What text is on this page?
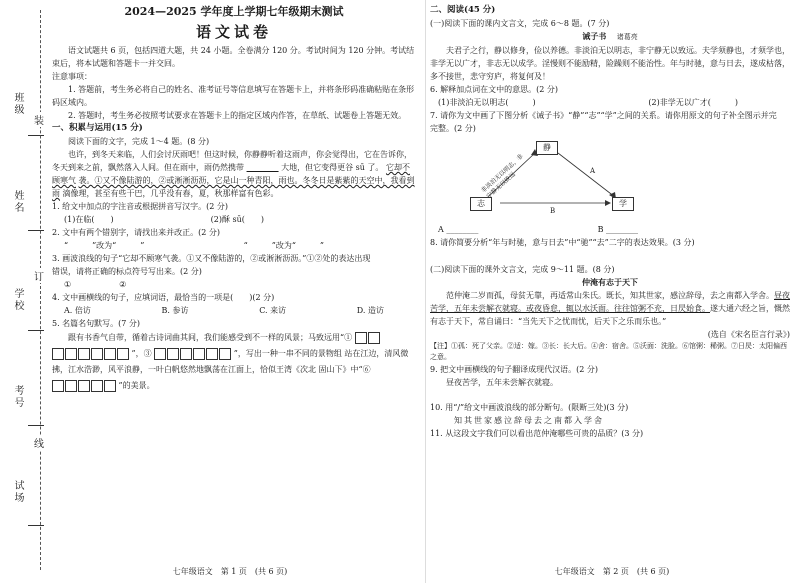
班级
姓名
学校
考号
试场
装
订
线
2024—2025 学年度上学期七年级期末测试
语文试卷

语文试题共 6 页，包括四道大题，共 24 小题。全卷满分 120 分。考试时间为 120 分钟。考试结束后，将本试题和答题卡一并交回。

注意事项：

1. 答题前，考生务必将自己的姓名、准考证号等信息填写在答题卡上，并将条形码准确粘贴在条形码区域内。

2. 答题时，考生务必按照考试要求在答题卡上的指定区域内作答，在草纸、试题卷上答题无效。

一、积累与运用(15 分)

阅读下面的文字，完成 1～4 题。(8 分)

也许，到冬天来临，人们会讨厌雨吧！但这时候，你静静听着这雨声，你会觉得出，它在告诉你，冬天到来之前，飘然落入人间。但在雨中，雨仍然携带 　　　　	大地，但它变得更谷 sū 了。 它却不顾寒气 袭。①又不像陆游的，②或淅淅沥沥，它是山一种青阳，雨也。冬冬日是紫紫的天空中，我看到雨 滴像理，甚至有些干巴，几乎没有春，夏，秋那样富有色彩。

1. 给文中加点的字注音或根据拼音写汉字。(2 分)

(1)在临(　　)	(2)酥 sū(　　)

2. 文中有两个错别字，请找出来并改正。(2 分)

“　　　”改为“　　　”	“　　　”改为“　　　”

3. 画波浪线的句子“它却不顾寒气袭。①又不像陆游的，②或淅淅沥沥。”①②处的表达出现

错误，请将正确的标点符号写出来。(2 分)

①　　　　　　②　　　　

4. 文中画横线的句子，应填词语，最恰当的一项是(　　)(2 分)

A. 倍访	B. 参访	C. 来访	D. 造访

5. 名篇名句默写。(7 分)

跟有书香气自带，循着古诗词曲其间，我们能感受到不一样的风景；马致远用“①

”，③	”，写出一种一串不同的景物组 站在江边，清风微拂，江水浩渺，风平浪静，一叶白帆悠然地飘荡在江面上，恰似王湾《次北 固山下》中“⑥
”的美景。

七年级语文　第 1 页　(共 6 页)

二、阅读(45 分)

(一)阅读下面的课内文言文，完成 6～8 题。(7 分)

诫子书　 诸葛亮

夫君子之行，静以修身，俭以养德。非淡泊无以明志，非宁静无以致远。夫学须静也，才须学也，非学无以广才，非志无以成学。淫慢则不能励精，险躁则不能治性。年与时驰，意与日去，遂成枯落，多不接世，悲守穷庐，将复何及！

6. 解释加点词在文中的意思。(2 分)

(1)非淡泊无以明志(　　　)	(2)非学无以广才(　　　)

7. 请你为文中画了下图分析《诫子书》“静”“志”“学”之间的关系。请你用原文的句子补全图示并完

完整。(2 分)

静
志	学
非淡泊无以明志，非宁静无以致远	A
B
A ________	B ________

8. 请你简要分析“年与时驰，意与日去”中“驰”“去”二字的表达效果。(3 分)

(二)阅读下面的课外文言文，完成 9～11 题。(8 分)

仲淹有志于天下

范仲淹二岁而孤，母贫无靠，再适常山朱氏。既长，知其世家，感泣辞母，去之南都入学舍。昼夜苦学，五年未尝解衣就寝。或夜昏怠，辄以水沃面。往往馆粥不充，日昃始食。遂大通六经之旨，慨然有志于天下，常自诵曰：“当先天下之忧而忧，后天下之乐而乐也。”

(选自《宋名臣言行录》)

【注】①孤：死了父亲。②适：嫁。③长：长大后。④舍：宿舍。⑤沃面：洗脸。⑥馆粥：稀粥。⑦日昃：太阳偏西之意。

9. 把文中画横线的句子翻译成现代汉语。(2 分)

昼夜苦学，五年未尝解衣就寝。

10. 用“/”给文中画波浪线的部分断句。(限断三处)(3 分)

知其世家感泣辞母去之南都入学舍

11. 从这段文字我们可以看出范仲淹哪些可贵的品质？(3 分)

七年级语文　第 2 页　(共 6 页)
